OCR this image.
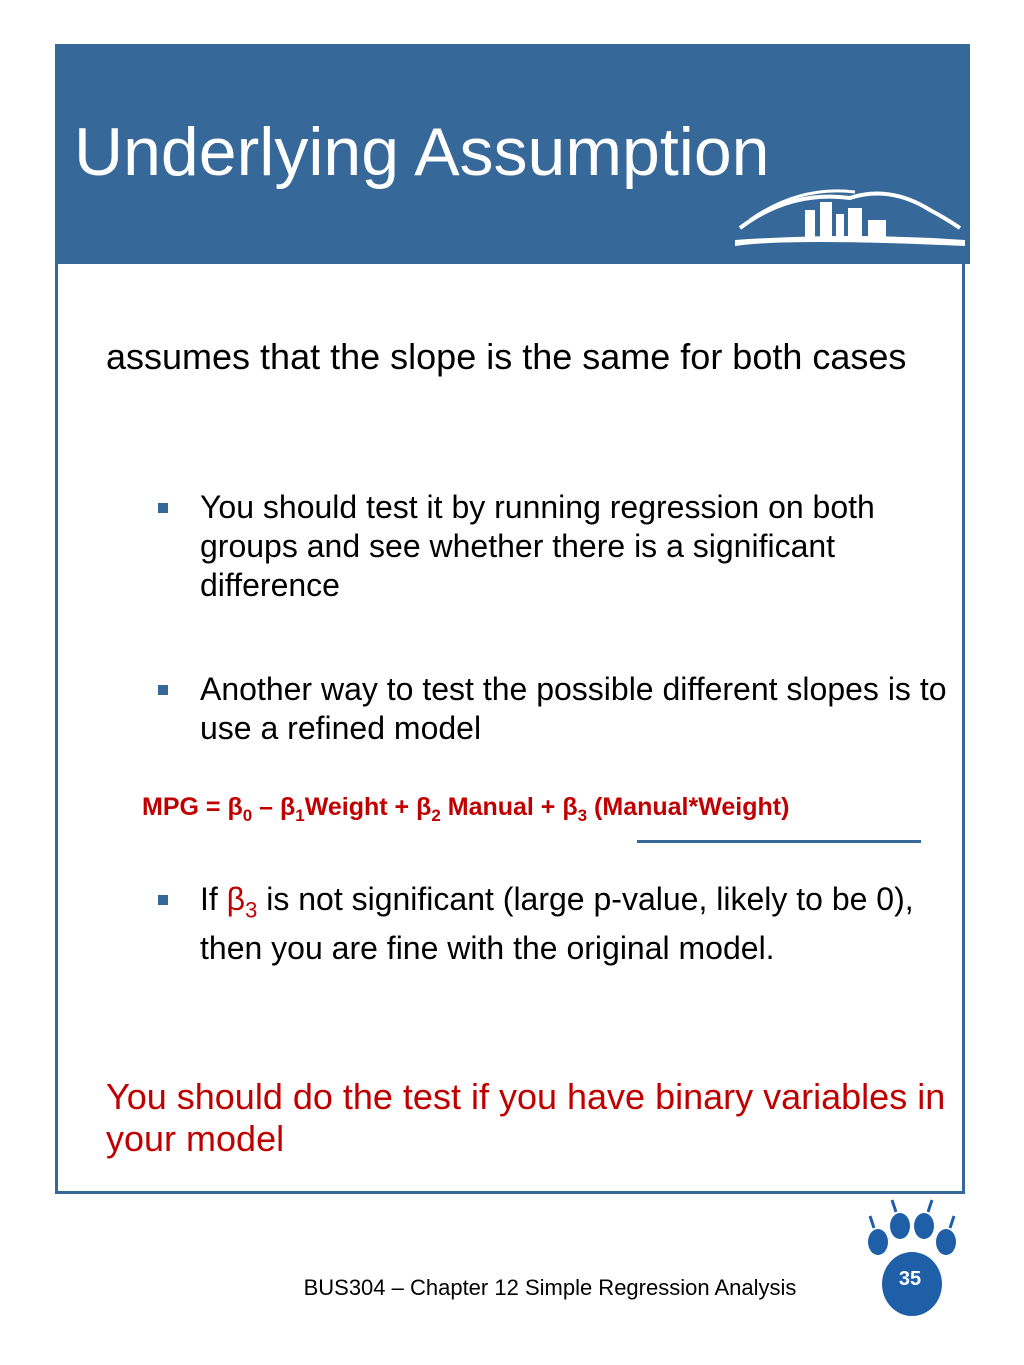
Underlying Assumption
assumes that the slope is the same for both cases
You should test it by running regression on both groups and see whether there is a significant difference
Another way to test the possible different slopes is to use a refined model
MPG = $\beta_0$ – $\beta_1Weight + \beta_2$ Manual + $\beta_3$ (Manual*Weight)
If $\beta_3$ is not significant (large p-value, likely to be 0), then you are fine with the original model.
You should do the test if you have binary variables in your model
BUS304 – Chapter 12 Simple Regression Analysis	35
